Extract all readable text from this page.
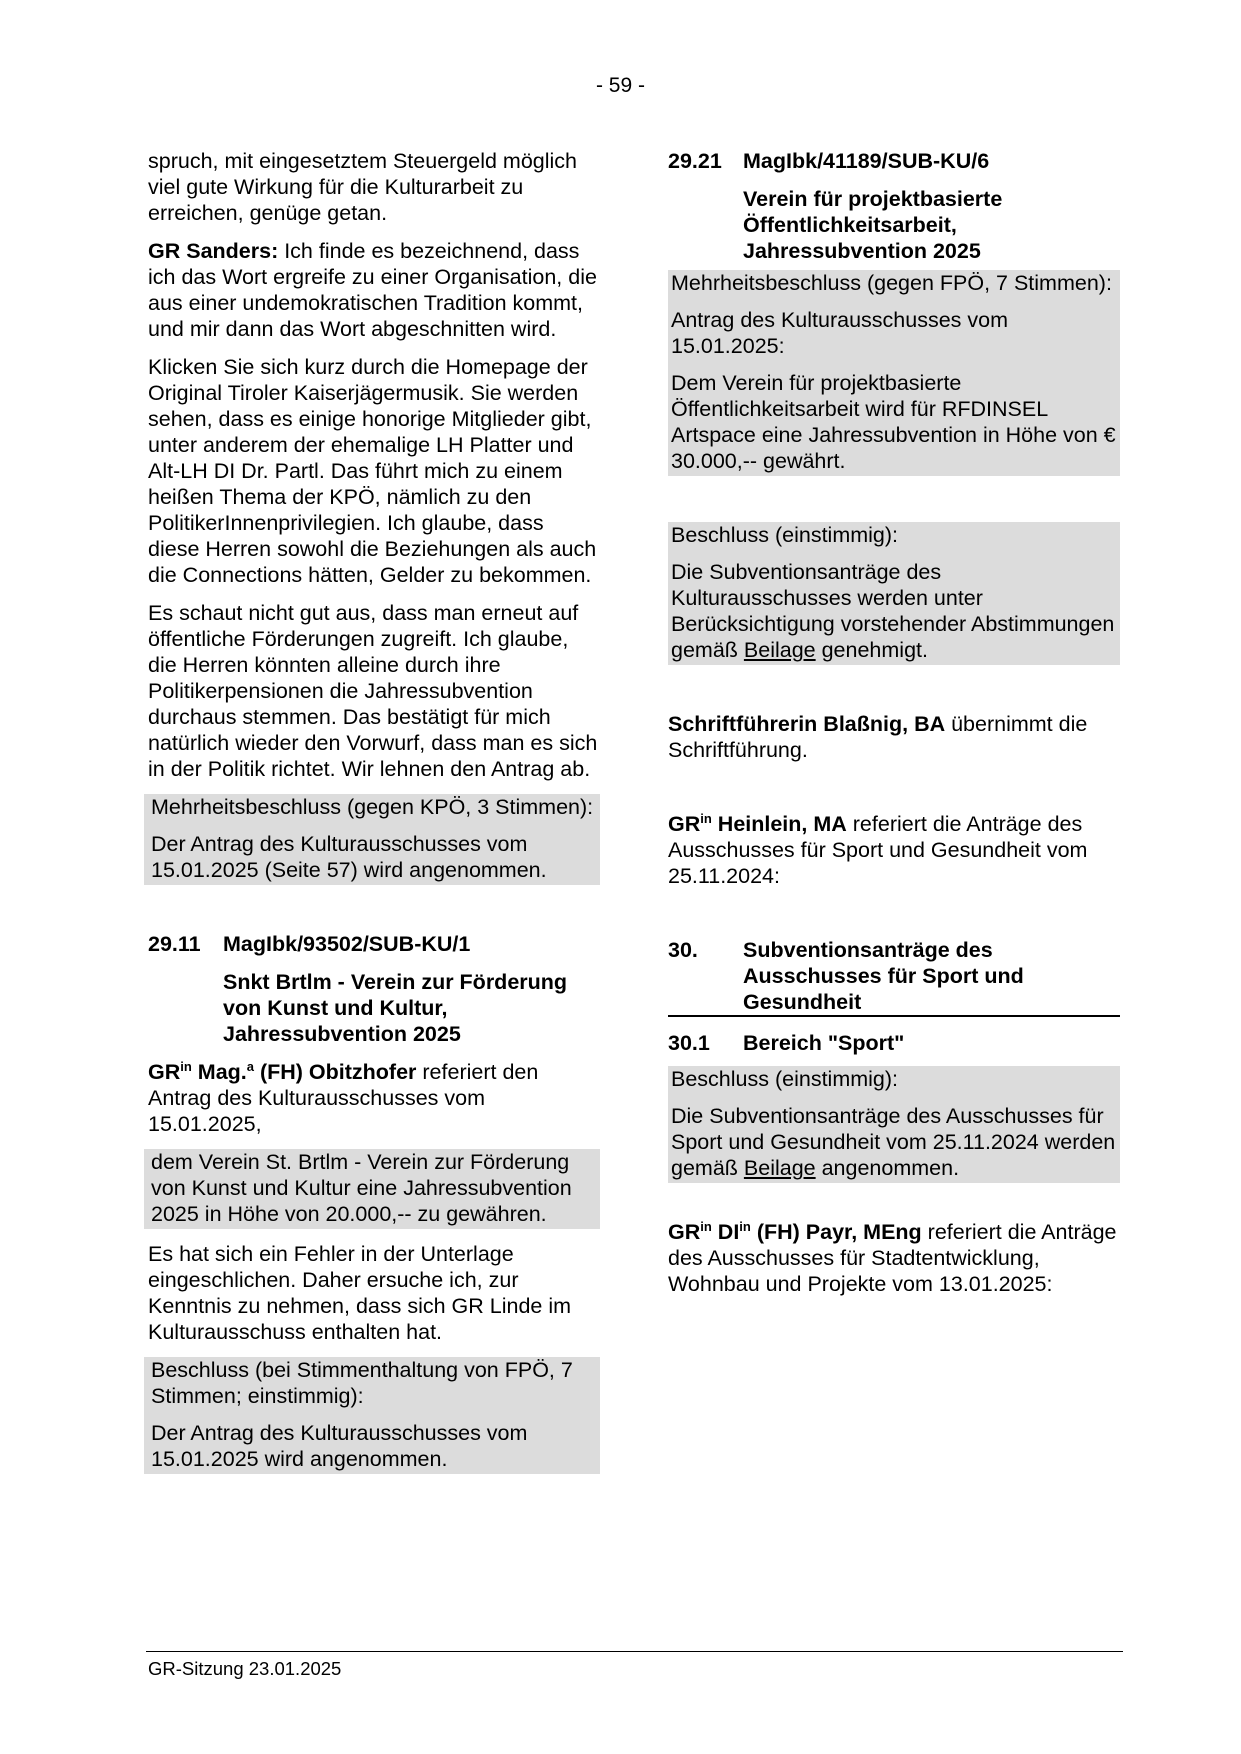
- 59 -

spruch, mit eingesetztem Steuergeld möglich viel gute Wirkung für die Kulturarbeit zu erreichen, genüge getan.

GR Sanders: Ich finde es bezeichnend, dass ich das Wort ergreife zu einer Organisation, die aus einer undemokratischen Tradition kommt, und mir dann das Wort abgeschnitten wird.

Klicken Sie sich kurz durch die Homepage der Original Tiroler Kaiserjägermusik. Sie werden sehen, dass es einige honorige Mitglieder gibt, unter anderem der ehemalige LH Platter und Alt-LH DI Dr. Partl. Das führt mich zu einem heißen Thema der KPÖ, nämlich zu den PolitikerInnenprivilegien. Ich glaube, dass diese Herren sowohl die Beziehungen als auch die Connections hätten, Gelder zu bekommen.

Es schaut nicht gut aus, dass man erneut auf öffentliche Förderungen zugreift. Ich glaube, die Herren könnten alleine durch ihre Politikerpensionen die Jahressubvention durchaus stemmen. Das bestätigt für mich natürlich wieder den Vorwurf, dass man es sich in der Politik richtet. Wir lehnen den Antrag ab.

Mehrheitsbeschluss (gegen KPÖ, 3 Stimmen):

Der Antrag des Kulturausschusses vom 15.01.2025 (Seite 57) wird angenommen.

29.11	MagIbk/93502/SUB-KU/1
Snkt Brtlm - Verein zur Förderung von Kunst und Kultur, Jahressubvention 2025

$GR^{in}$ Mag.$^a$ (FH) Obitzhofer referiert den Antrag des Kulturausschusses vom 15.01.2025,

dem Verein St. Brtlm - Verein zur Förderung von Kunst und Kultur eine Jahressubvention 2025 in Höhe von 20.000,-- zu gewähren.

Es hat sich ein Fehler in der Unterlage eingeschlichen. Daher ersuche ich, zur Kenntnis zu nehmen, dass sich GR Linde im Kulturausschuss enthalten hat.

Beschluss (bei Stimmenthaltung von FPÖ, 7 Stimmen; einstimmig):

Der Antrag des Kulturausschusses vom 15.01.2025 wird angenommen.

29.21 MagIbk/41189/SUB-KU/6
Verein für projektbasierte Öffentlichkeitsarbeit, Jahressubvention 2025

Mehrheitsbeschluss (gegen FPÖ, 7 Stimmen):

Antrag des Kulturausschusses vom 15.01.2025:

Dem Verein für projektbasierte Öffentlichkeitsarbeit wird für RFDINSEL Artspace eine Jahressubvention in Höhe von € 30.000,-- gewährt.

Beschluss (einstimmig):

Die Subventionsanträge des Kulturausschusses werden unter Berücksichtigung vorstehender Abstimmungen gemäß Beilage genehmigt.

Schriftführerin Blaßnig, BA übernimmt die Schriftführung.

$GR^{in}$ Heinlein, MA referiert die Anträge des Ausschusses für Sport und Gesundheit vom 25.11.2024:

30.	Subventionsanträge des Ausschusses für Sport und Gesundheit
30.1	Bereich "Sport"

Beschluss (einstimmig):

Die Subventionsanträge des Ausschusses für Sport und Gesundheit vom 25.11.2024 werden gemäß Beilage angenommen.

$GR^{in}$ $DI^{in}$ (FH) Payr, MEng referiert die Anträge des Ausschusses für Stadtentwicklung, Wohnbau und Projekte vom 13.01.2025:

GR-Sitzung 23.01.2025
